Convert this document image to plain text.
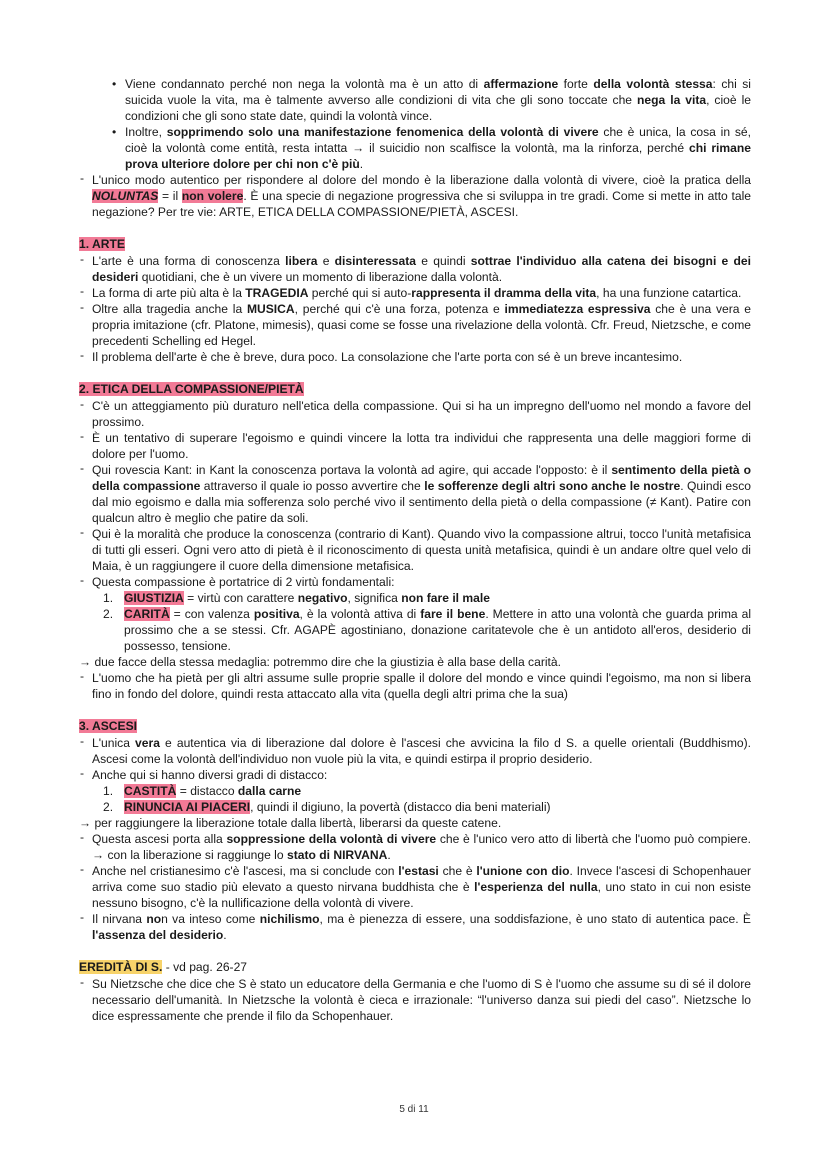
• Viene condannato perché non nega la volontà ma è un atto di affermazione forte della volontà stessa: chi si suicida vuole la vita, ma è talmente avverso alle condizioni di vita che gli sono toccate che nega la vita, cioè le condizioni che gli sono state date, quindi la volontà vince.

• Inoltre, sopprimendo solo una manifestazione fenomenica della volontà di vivere che è unica, la cosa in sé, cioè la volontà come entità, resta intatta → il suicidio non scalfisce la volontà, ma la rinforza, perché chi rimane prova ulteriore dolore per chi non c'è più.

- L'unico modo autentico per rispondere al dolore del mondo è la liberazione dalla volontà di vivere, cioè la pratica della NOLUNTAS = il non volere. È una specie di negazione progressiva che si sviluppa in tre gradi. Come si mette in atto tale negazione? Per tre vie: ARTE, ETICA DELLA COMPASSIONE/PIETÀ, ASCESI.

1. ARTE

- L'arte è una forma di conoscenza libera e disinteressata e quindi sottrae l'individuo alla catena dei bisogni e dei desideri quotidiani, che è un vivere un momento di liberazione dalla volontà.

- La forma di arte più alta è la TRAGEDIA perché qui si auto-rappresenta il dramma della vita, ha una funzione catartica.

- Oltre alla tragedia anche la MUSICA, perché qui c'è una forza, potenza e immediatezza espressiva che è una vera e propria imitazione (cfr. Platone, mimesis), quasi come se fosse una rivelazione della volontà. Cfr. Freud, Nietzsche, e come precedenti Schelling ed Hegel.

- Il problema dell'arte è che è breve, dura poco. La consolazione che l'arte porta con sé è un breve incantesimo.

2. ETICA DELLA COMPASSIONE/PIETÀ

- C'è un atteggiamento più duraturo nell'etica della compassione. Qui si ha un impregno dell'uomo nel mondo a favore del prossimo.

- È un tentativo di superare l'egoismo e quindi vincere la lotta tra individui che rappresenta una delle maggiori forme di dolore per l'uomo.

- Qui rovescia Kant: in Kant la conoscenza portava la volontà ad agire, qui accade l'opposto: è il sentimento della pietà o della compassione attraverso il quale io posso avvertire che le sofferenze degli altri sono anche le nostre. Quindi esco dal mio egoismo e dalla mia sofferenza solo perché vivo il sentimento della pietà o della compassione (≠ Kant). Patire con qualcun altro è meglio che patire da soli.

- Qui è la moralità che produce la conoscenza (contrario di Kant). Quando vivo la compassione altrui, tocco l'unità metafisica di tutti gli esseri. Ogni vero atto di pietà è il riconoscimento di questa unità metafisica, quindi è un andare oltre quel velo di Maia, è un raggiungere il cuore della dimensione metafisica.

- Questa compassione è portatrice di 2 virtù fondamentali:

1. GIUSTIZIA = virtù con carattere negativo, significa non fare il male

2. CARITÀ = con valenza positiva, è la volontà attiva di fare il bene. Mettere in atto una volontà che guarda prima al prossimo che a se stessi. Cfr. AGAPÈ agostiniano, donazione caritatevole che è un antidoto all'eros, desiderio di possesso, tensione.

→ due facce della stessa medaglia: potremmo dire che la giustizia è alla base della carità.

- L'uomo che ha pietà per gli altri assume sulle proprie spalle il dolore del mondo e vince quindi l'egoismo, ma non si libera fino in fondo del dolore, quindi resta attaccato alla vita (quella degli altri prima che la sua)

3. ASCESI

- L'unica vera e autentica via di liberazione dal dolore è l'ascesi che avvicina la filo d S. a quelle orientali (Buddhismo). Ascesi come la volontà dell'individuo non vuole più la vita, e quindi estirpa il proprio desiderio.

- Anche qui si hanno diversi gradi di distacco:

1. CASTITÀ = distacco dalla carne

2. RINUNCIA AI PIACERI, quindi il digiuno, la povertà (distacco dia beni materiali)

→ per raggiungere la liberazione totale dalla libertà, liberarsi da queste catene.

- Questa ascesi porta alla soppressione della volontà di vivere che è l'unico vero atto di libertà che l'uomo può compiere. → con la liberazione si raggiunge lo stato di NIRVANA.

- Anche nel cristianesimo c'è l'ascesi, ma si conclude con l'estasi che è l'unione con dio. Invece l'ascesi di Schopenhauer arriva come suo stadio più elevato a questo nirvana buddhista che è l'esperienza del nulla, uno stato in cui non esiste nessuno bisogno, c'è la nullificazione della volontà di vivere.

- Il nirvana non va inteso come nichilismo, ma è pienezza di essere, una soddisfazione, è uno stato di autentica pace. È l'assenza del desiderio.

EREDITÀ DI S. - vd pag. 26-27

- Su Nietzsche che dice che S è stato un educatore della Germania e che l'uomo di S è l'uomo che assume su di sé il dolore necessario dell'umanità. In Nietzsche la volontà è cieca e irrazionale: “l'universo danza sui piedi del caso”. Nietzsche lo dice espressamente che prende il filo da Schopenhauer.

5 di 11
